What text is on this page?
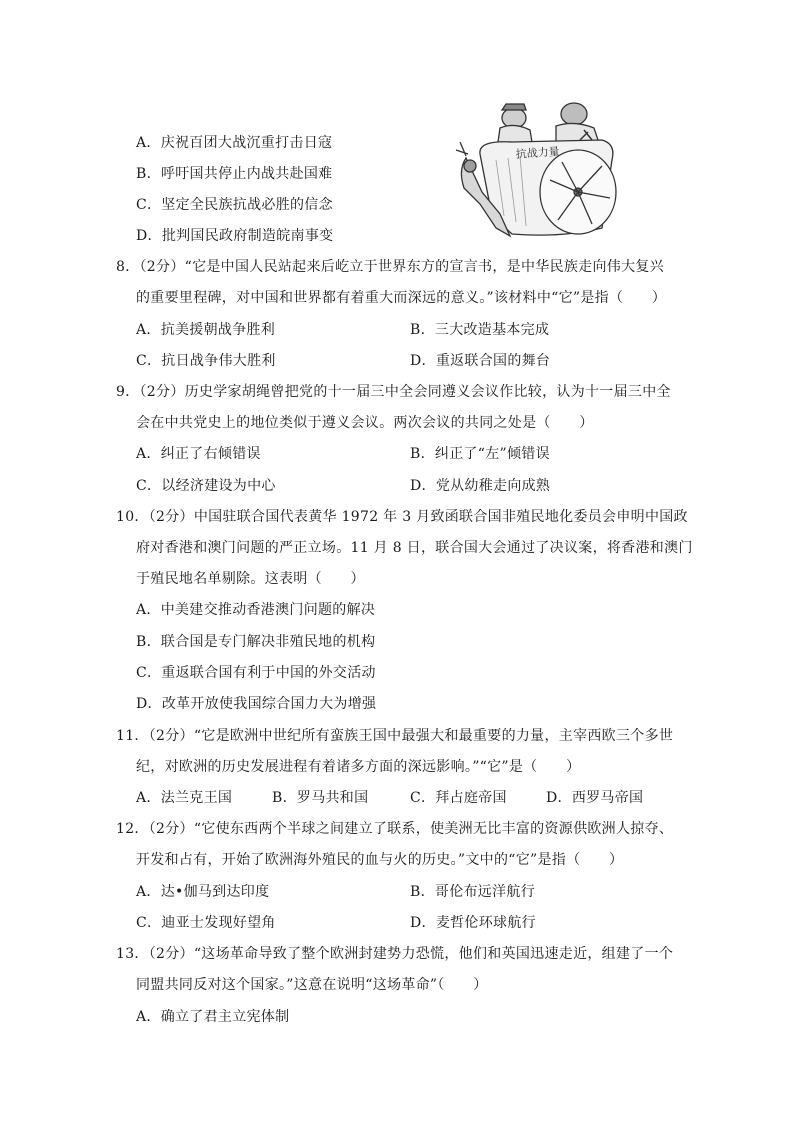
A．庆祝百团大战沉重打击日寇
B．呼吁国共停止内战共赴国难
C．坚定全民族抗战必胜的信念
D．批判国民政府制造皖南事变
抗战力量
8．（2分）“它是中国人民站起来后屹立于世界东方的宣言书，是中华民族走向伟大复兴
的重要里程碑，对中国和世界都有着重大而深远的意义。”该材料中“它”是指（　　）
A．抗美援朝战争胜利	B．三大改造基本完成
C．抗日战争伟大胜利	D．重返联合国的舞台
9．（2分）历史学家胡绳曾把党的十一届三中全会同遵义会议作比较，认为十一届三中全
会在中共党史上的地位类似于遵义会议。两次会议的共同之处是（　　）
A．纠正了右倾错误	B．纠正了“左”倾错误
C．以经济建设为中心	D．党从幼稚走向成熟
10．（2分）中国驻联合国代表黄华 1972 年 3 月致函联合国非殖民地化委员会申明中国政
府对香港和澳门问题的严正立场。11 月 8 日，联合国大会通过了决议案，将香港和澳门
于殖民地名单剔除。这表明（　　）
A．中美建交推动香港澳门问题的解决
B．联合国是专门解决非殖民地的机构
C．重返联合国有利于中国的外交活动
D．改革开放使我国综合国力大为增强
11．（2分）“它是欧洲中世纪所有蛮族王国中最强大和最重要的力量，主宰西欧三个多世
纪，对欧洲的历史发展进程有着诸多方面的深远影响。”“它”是（　　）
A．法兰克王国	B．罗马共和国	C．拜占庭帝国	D．西罗马帝国
12．（2分）“它使东西两个半球之间建立了联系，使美洲无比丰富的资源供欧洲人掠夺、
开发和占有，开始了欧洲海外殖民的血与火的历史。”文中的“它”是指（　　）
A．达•伽马到达印度	B．哥伦布远洋航行
C．迪亚士发现好望角	D．麦哲伦环球航行
13．（2分）“这场革命导致了整个欧洲封建势力恐慌，他们和英国迅速走近，组建了一个
同盟共同反对这个国家。”这意在说明“这场革命”（　　）
A．确立了君主立宪体制
